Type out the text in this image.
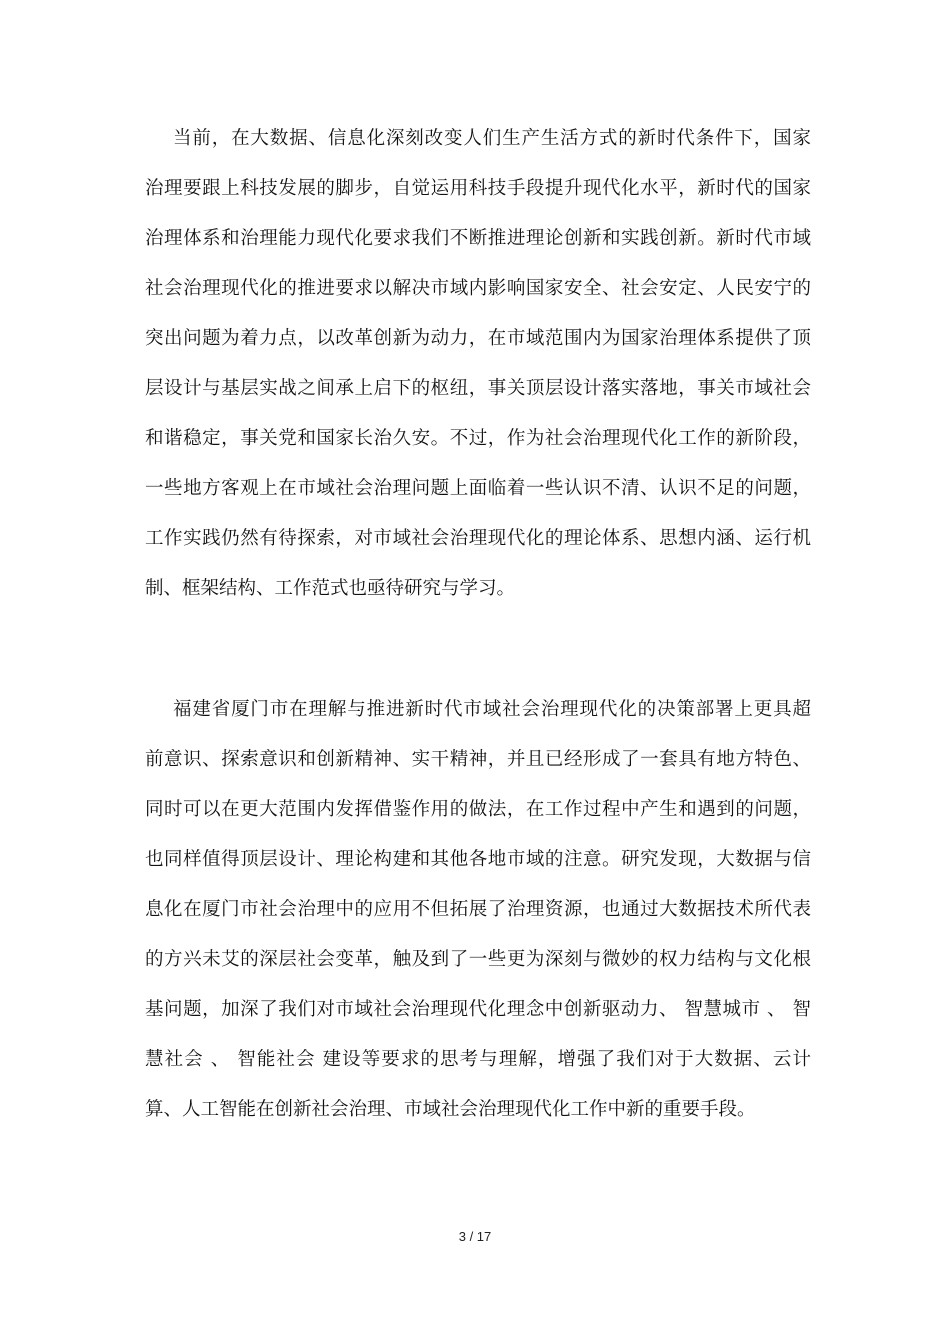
当前，在大数据、信息化深刻改变人们生产生活方式的新时代条件下，国家
治理要跟上科技发展的脚步，自觉运用科技手段提升现代化水平，新时代的国家
治理体系和治理能力现代化要求我们不断推进理论创新和实践创新。新时代市域
社会治理现代化的推进要求以解决市域内影响国家安全、社会安定、人民安宁的
突出问题为着力点，以改革创新为动力，在市域范围内为国家治理体系提供了顶
层设计与基层实战之间承上启下的枢纽，事关顶层设计落实落地，事关市域社会
和谐稳定，事关党和国家长治久安。不过，作为社会治理现代化工作的新阶段，
一些地方客观上在市域社会治理问题上面临着一些认识不清、认识不足的问题，
工作实践仍然有待探索，对市域社会治理现代化的理论体系、思想内涵、运行机
制、框架结构、工作范式也亟待研究与学习。
福建省厦门市在理解与推进新时代市域社会治理现代化的决策部署上更具超
前意识、探索意识和创新精神、实干精神，并且已经形成了一套具有地方特色、
同时可以在更大范围内发挥借鉴作用的做法，在工作过程中产生和遇到的问题，
也同样值得顶层设计、理论构建和其他各地市域的注意。研究发现，大数据与信
息化在厦门市社会治理中的应用不但拓展了治理资源，也通过大数据技术所代表
的方兴未艾的深层社会变革，触及到了一些更为深刻与微妙的权力结构与文化根
基问题，加深了我们对市域社会治理现代化理念中创新驱动力、 智慧城市 、 智
慧社会 、 智能社会 建设等要求的思考与理解，增强了我们对于大数据、云计
算、人工智能在创新社会治理、市域社会治理现代化工作中新的重要手段。
3 / 17
